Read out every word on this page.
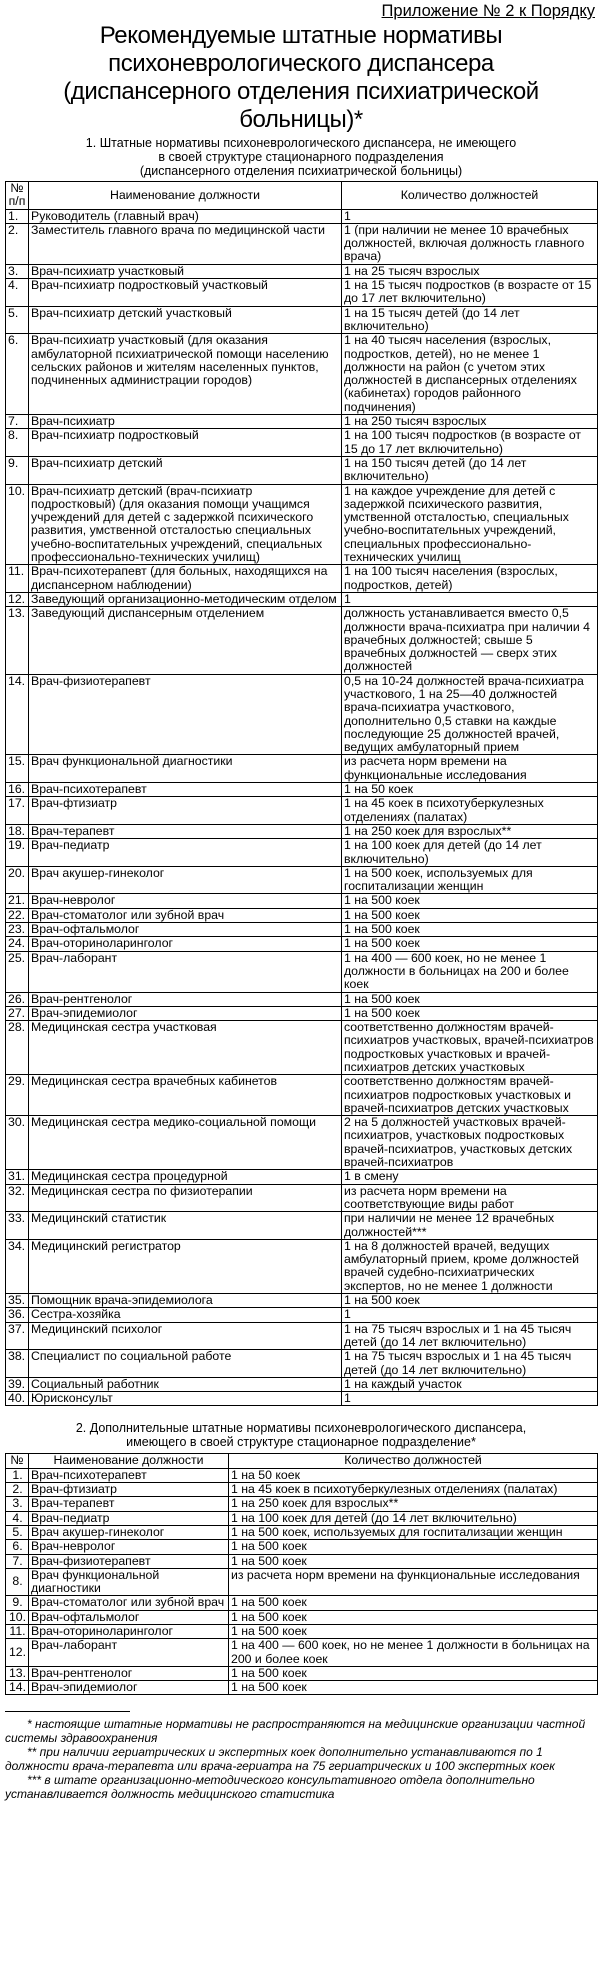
Приложение № 2 к Порядку
Рекомендуемые штатные нормативы
психоневрологического диспансера
(диспансерного отделения психиатрической больницы)*
1. Штатные нормативы психоневрологического диспансера, не имеющего
в своей структуре стационарного подразделения
(диспансерного отделения психиатрической больницы)
№ п/п	Наименование должности	Количество должностей
1.	Руководитель (главный врач)	1
2.	Заместитель главного врача по медицинской части	1 (при наличии не менее 10 врачебных должностей, включая должность главного врача)
3.	Врач-психиатр участковый	1 на 25 тысяч взрослых
4.	Врач-психиатр подростковый участковый	1 на 15 тысяч подростков (в возрасте от 15 до 17 лет включительно)
5.	Врач-психиатр детский участковый	1 на 15 тысяч детей (до 14 лет включительно)
6.	Врач-психиатр участковый (для оказания амбулаторной психиатрической помощи населению сельских районов и жителям населенных пунктов, подчиненных администрации городов)	1 на 40 тысяч населения (взрослых, подростков, детей), но не менее 1 должности на район (с учетом этих должностей в диспансерных отделениях (кабинетах) городов районного подчинения)
7.	Врач-психиатр	1 на 250 тысяч взрослых
8.	Врач-психиатр подростковый	1 на 100 тысяч подростков (в возрасте от 15 до 17 лет включительно)
9.	Врач-психиатр детский	1 на 150 тысяч детей (до 14 лет включительно)
10.	Врач-психиатр детский (врач-психиатр подростковый) (для оказания помощи учащимся учреждений для детей с задержкой психического развития, умственной отсталостью специальных учебно-воспитательных учреждений, специальных профессионально-технических училищ)	1 на каждое учреждение для детей с задержкой психического развития, умственной отсталостью, специальных учебно-воспитательных учреждений, специальных профессионально-технических училищ
11.	Врач-психотерапевт (для больных, находящихся на диспансерном наблюдении)	1 на 100 тысяч населения (взрослых, подростков, детей)
12.	Заведующий организационно-методическим отделом	1
13.	Заведующий диспансерным отделением	должность устанавливается вместо 0,5 должности врача-психиатра при наличии 4 врачебных должностей; свыше 5 врачебных должностей — сверх этих должностей
14.	Врач-физиотерапевт	0,5 на 10-24 должностей врача-психиатра участкового, 1 на 25—40 должностей врача-психиатра участкового, дополнительно 0,5 ставки на каждые последующие 25 должностей врачей, ведущих амбулаторный прием
15.	Врач функциональной диагностики	из расчета норм времени на функциональные исследования
16.	Врач-психотерапевт	1 на 50 коек
17.	Врач-фтизиатр	1 на 45 коек в психотуберкулезных отделениях (палатах)
18.	Врач-терапевт	1 на 250 коек для взрослых**
19.	Врач-педиатр	1 на 100 коек для детей (до 14 лет включительно)
20.	Врач акушер-гинеколог	1 на 500 коек, используемых для госпитализации женщин
21.	Врач-невролог	1 на 500 коек
22.	Врач-стоматолог или зубной врач	1 на 500 коек
23.	Врач-офтальмолог	1 на 500 коек
24.	Врач-оториноларинголог	1 на 500 коек
25.	Врач-лаборант	1 на 400 — 600 коек, но не менее 1 должности в больницах на 200 и более коек
26.	Врач-рентгенолог	1 на 500 коек
27.	Врач-эпидемиолог	1 на 500 коек
28.	Медицинская сестра участковая	соответственно должностям врачей-психиатров участковых, врачей-психиатров подростковых участковых и врачей-психиатров детских участковых
29.	Медицинская сестра врачебных кабинетов	соответственно должностям врачей-психиатров подростковых участковых и врачей-психиатров детских участковых
30.	Медицинская сестра медико-социальной помощи	2 на 5 должностей участковых врачей-психиатров, участковых подростковых врачей-психиатров, участковых детских врачей-психиатров
31.	Медицинская сестра процедурной	1 в смену
32.	Медицинская сестра по физиотерапии	из расчета норм времени на соответствующие виды работ
33.	Медицинский статистик	при наличии не менее 12 врачебных должностей***
34.	Медицинский регистратор	1 на 8 должностей врачей, ведущих амбулаторный прием, кроме должностей врачей судебно-психиатрических экспертов, но не менее 1 должности
35.	Помощник врача-эпидемиолога	1 на 500 коек
36.	Сестра-хозяйка	1
37.	Медицинский психолог	1 на 75 тысяч взрослых и 1 на 45 тысяч детей (до 14 лет включительно)
38.	Специалист по социальной работе	1 на 75 тысяч взрослых и 1 на 45 тысяч детей (до 14 лет включительно)
39.	Социальный работник	1 на каждый участок
40.	Юрисконсульт	1
2. Дополнительные штатные нормативы психоневрологического диспансера,
имеющего в своей структуре стационарное подразделение*
№	Наименование должности	Количество должностей
1.	Врач-психотерапевт	1 на 50 коек
2.	Врач-фтизиатр	1 на 45 коек в психотуберкулезных отделениях (палатах)
3.	Врач-терапевт	1 на 250 коек для взрослых**
4.	Врач-педиатр	1 на 100 коек для детей (до 14 лет включительно)
5.	Врач акушер-гинеколог	1 на 500 коек, используемых для госпитализации женщин
6.	Врач-невролог	1 на 500 коек
7.	Врач-физиотерапевт	1 на 500 коек
8.	Врач функциональной диагностики	из расчета норм времени на функциональные исследования
9.	Врач-стоматолог или зубной врач	1 на 500 коек
10.	Врач-офтальмолог	1 на 500 коек
11.	Врач-оториноларинголог	1 на 500 коек
12.	Врач-лаборант	1 на 400 — 600 коек, но не менее 1 должности в больницах на 200 и более коек
13.	Врач-рентгенолог	1 на 500 коек
14.	Врач-эпидемиолог	1 на 500 коек

* настоящие штатные нормативы не распространяются на медицинские организации частной системы здравоохранения

** при наличии гериатрических и экспертных коек дополнительно устанавливаются по 1 должности врача-терапевта или врача-гериатра на 75 гериатрических и 100 экспертных коек

*** в штате организационно-методического консультативного отдела дополнительно устанавливается должность медицинского статистика
